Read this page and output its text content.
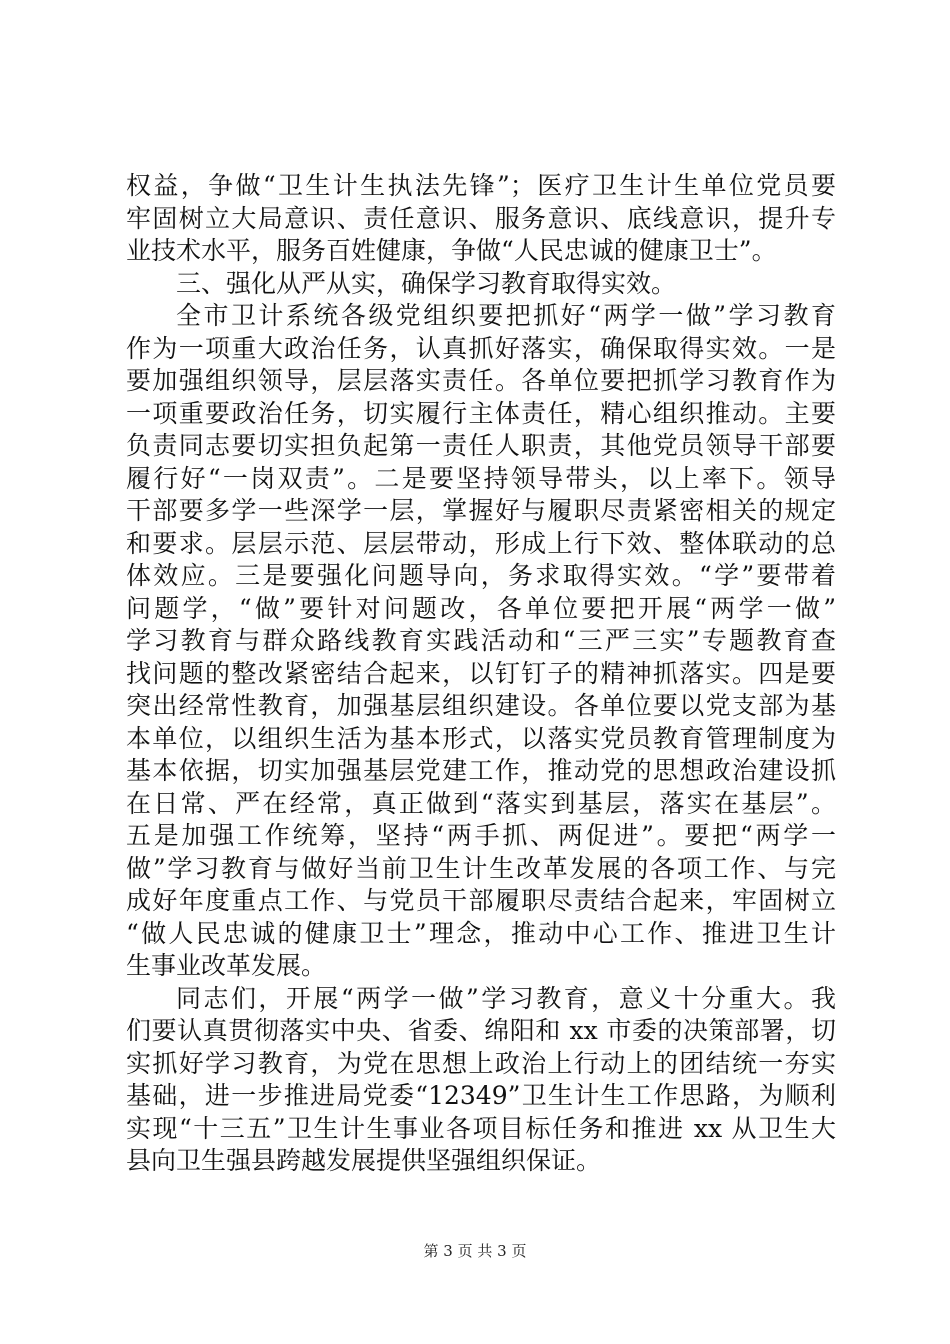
权益，争做“卫生计生执法先锋”；医疗卫生计生单位党员要
牢固树立大局意识、责任意识、服务意识、底线意识，提升专
业技术水平，服务百姓健康，争做“人民忠诚的健康卫士”。
三、强化从严从实，确保学习教育取得实效。
全市卫计系统各级党组织要把抓好“两学一做”学习教育
作为一项重大政治任务，认真抓好落实，确保取得实效。一是
要加强组织领导，层层落实责任。各单位要把抓学习教育作为
一项重要政治任务，切实履行主体责任，精心组织推动。主要
负责同志要切实担负起第一责任人职责，其他党员领导干部要
履行好“一岗双责”。二是要坚持领导带头，以上率下。领导
干部要多学一些深学一层，掌握好与履职尽责紧密相关的规定
和要求。层层示范、层层带动，形成上行下效、整体联动的总
体效应。三是要强化问题导向，务求取得实效。“学”要带着
问题学，“做”要针对问题改，各单位要把开展“两学一做”
学习教育与群众路线教育实践活动和“三严三实”专题教育查
找问题的整改紧密结合起来，以钉钉子的精神抓落实。四是要
突出经常性教育，加强基层组织建设。各单位要以党支部为基
本单位，以组织生活为基本形式，以落实党员教育管理制度为
基本依据，切实加强基层党建工作，推动党的思想政治建设抓
在日常、严在经常，真正做到“落实到基层，落实在基层”。
五是加强工作统筹，坚持“两手抓、两促进”。要把“两学一
做”学习教育与做好当前卫生计生改革发展的各项工作、与完
成好年度重点工作、与党员干部履职尽责结合起来，牢固树立
“做人民忠诚的健康卫士”理念，推动中心工作、推进卫生计
生事业改革发展。
同志们，开展“两学一做”学习教育，意义十分重大。我
们要认真贯彻落实中央、省委、绵阳和 xx 市委的决策部署，切
实抓好学习教育，为党在思想上政治上行动上的团结统一夯实
基础，进一步推进局党委“12349”卫生计生工作思路，为顺利
实现“十三五”卫生计生事业各项目标任务和推进 xx 从卫生大
县向卫生强县跨越发展提供坚强组织保证。
第 3 页 共 3 页
